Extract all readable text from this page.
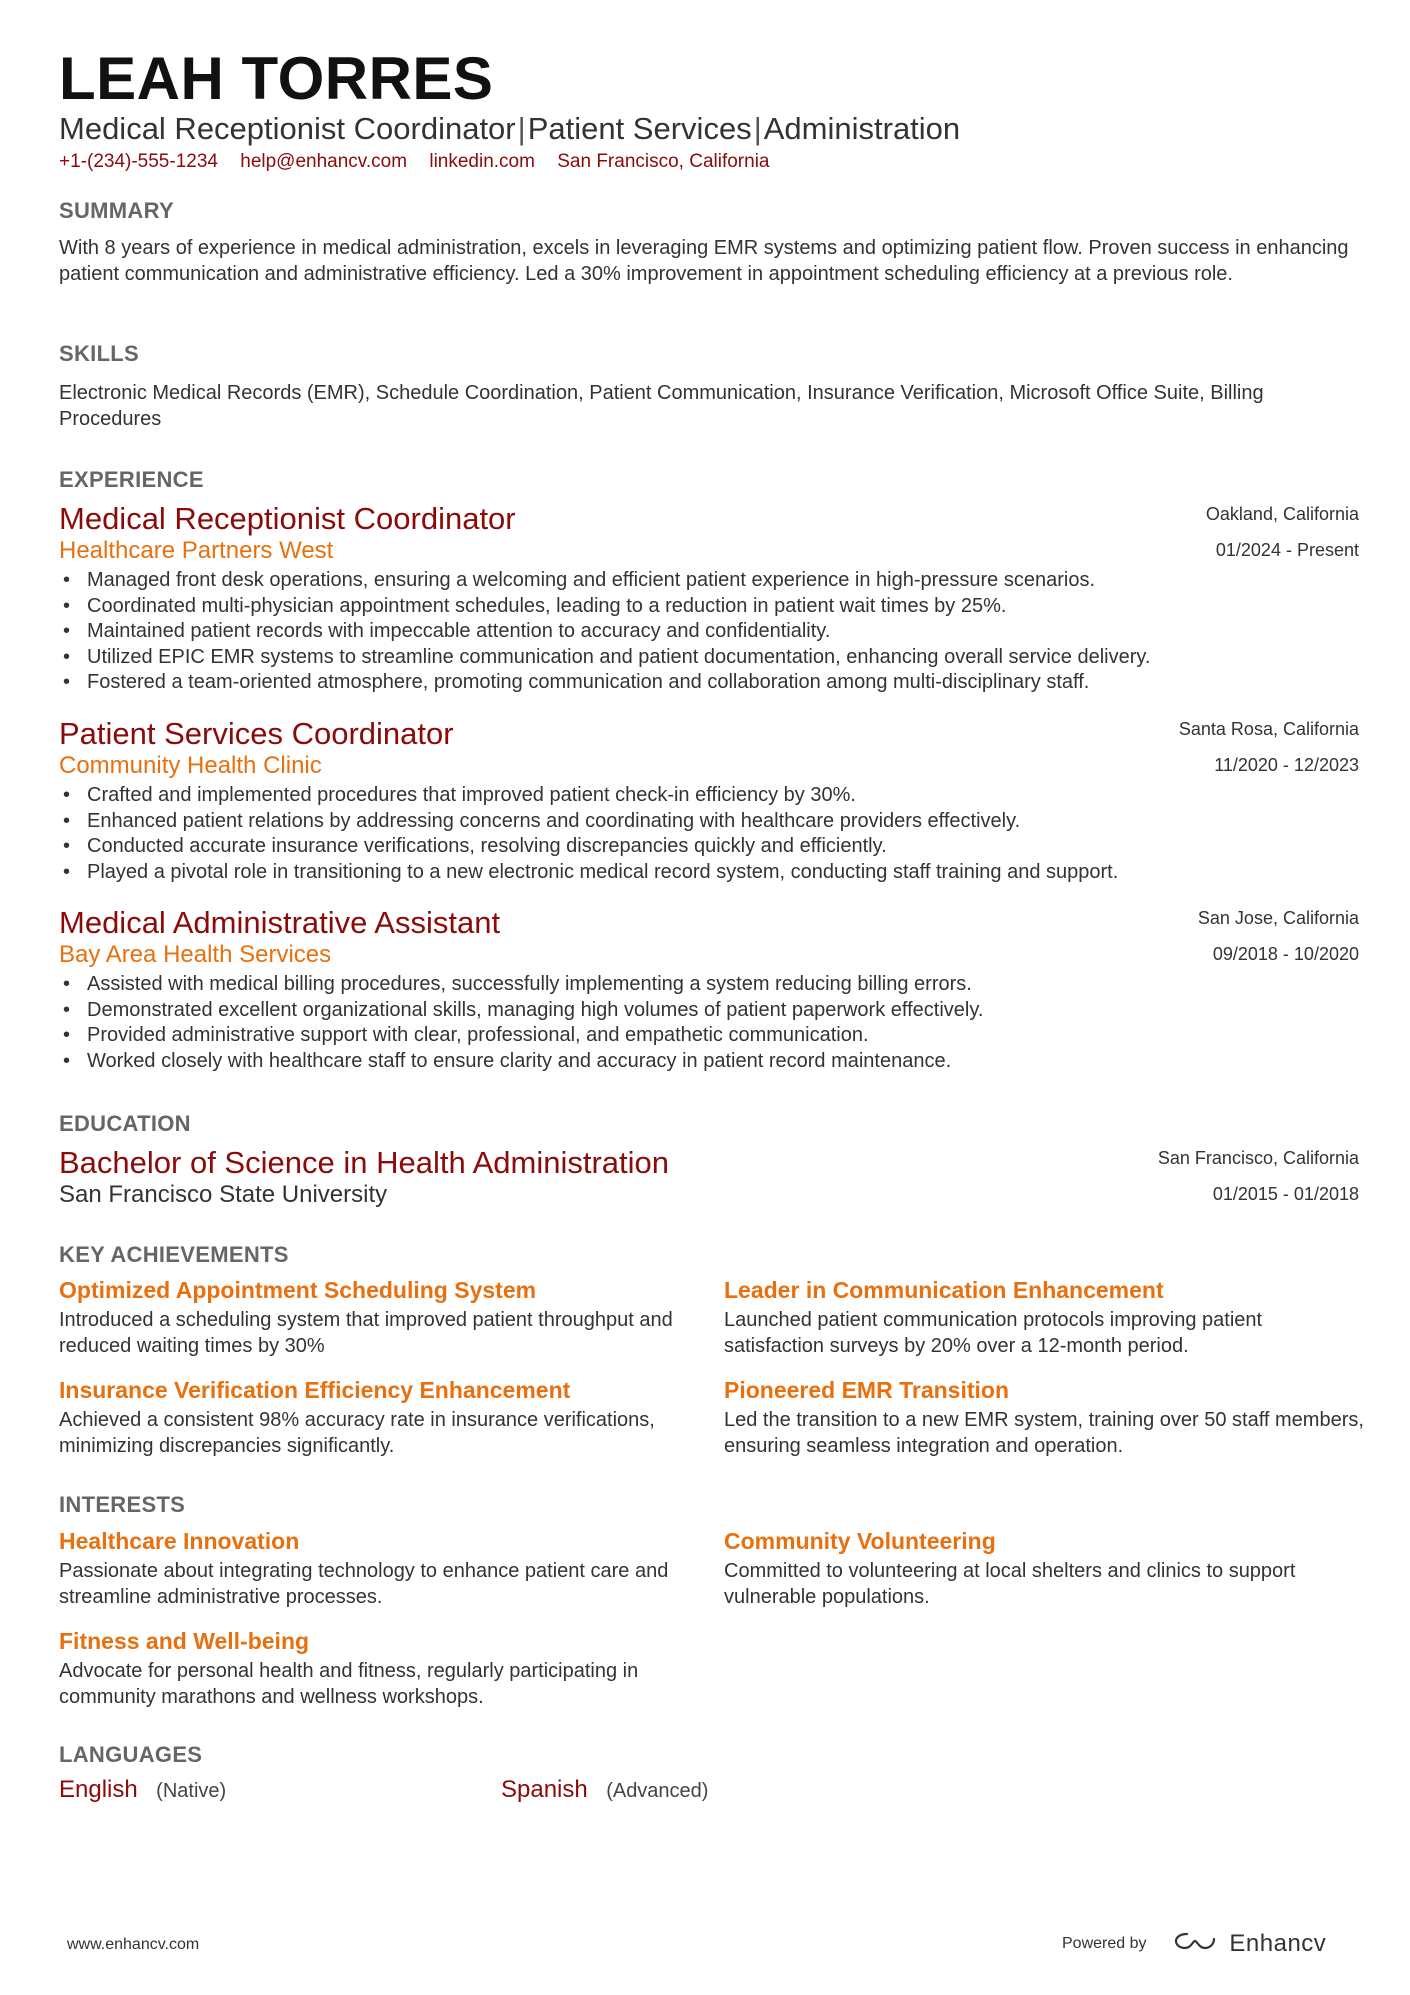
LEAH TORRES
Medical Receptionist Coordinator|Patient Services|Administration
+1-(234)-555-1234 help@enhancv.com linkedin.com San Francisco, California
SUMMARY
With 8 years of experience in medical administration, excels in leveraging EMR systems and optimizing patient flow. Proven success in enhancing patient communication and administrative efficiency. Led a 30% improvement in appointment scheduling efficiency at a previous role.
SKILLS
Electronic Medical Records (EMR), Schedule Coordination, Patient Communication, Insurance Verification, Microsoft Office Suite, Billing Procedures
EXPERIENCE
Medical Receptionist Coordinator
Healthcare Partners West
Oakland, California
01/2024 - Present
• Managed front desk operations, ensuring a welcoming and efficient patient experience in high-pressure scenarios.
• Coordinated multi-physician appointment schedules, leading to a reduction in patient wait times by 25%.
• Maintained patient records with impeccable attention to accuracy and confidentiality.
• Utilized EPIC EMR systems to streamline communication and patient documentation, enhancing overall service delivery.
• Fostered a team-oriented atmosphere, promoting communication and collaboration among multi-disciplinary staff.
Patient Services Coordinator
Community Health Clinic
Santa Rosa, California
11/2020 - 12/2023
• Crafted and implemented procedures that improved patient check-in efficiency by 30%.
• Enhanced patient relations by addressing concerns and coordinating with healthcare providers effectively.
• Conducted accurate insurance verifications, resolving discrepancies quickly and efficiently.
• Played a pivotal role in transitioning to a new electronic medical record system, conducting staff training and support.
Medical Administrative Assistant
Bay Area Health Services
San Jose, California
09/2018 - 10/2020
• Assisted with medical billing procedures, successfully implementing a system reducing billing errors.
• Demonstrated excellent organizational skills, managing high volumes of patient paperwork effectively.
• Provided administrative support with clear, professional, and empathetic communication.
• Worked closely with healthcare staff to ensure clarity and accuracy in patient record maintenance.
EDUCATION
Bachelor of Science in Health Administration
San Francisco State University
San Francisco, California
01/2015 - 01/2018
KEY ACHIEVEMENTS
Optimized Appointment Scheduling System
Introduced a scheduling system that improved patient throughput and reduced waiting times by 30%
Leader in Communication Enhancement
Launched patient communication protocols improving patient satisfaction surveys by 20% over a 12-month period.
Insurance Verification Efficiency Enhancement
Achieved a consistent 98% accuracy rate in insurance verifications, minimizing discrepancies significantly.
Pioneered EMR Transition
Led the transition to a new EMR system, training over 50 staff members, ensuring seamless integration and operation.
INTERESTS
Healthcare Innovation
Passionate about integrating technology to enhance patient care and streamline administrative processes.
Community Volunteering
Committed to volunteering at local shelters and clinics to support vulnerable populations.
Fitness and Well-being
Advocate for personal health and fitness, regularly participating in community marathons and wellness workshops.
LANGUAGES
English (Native)	Spanish (Advanced)
www.enhancv.com	Powered by	Enhancv
